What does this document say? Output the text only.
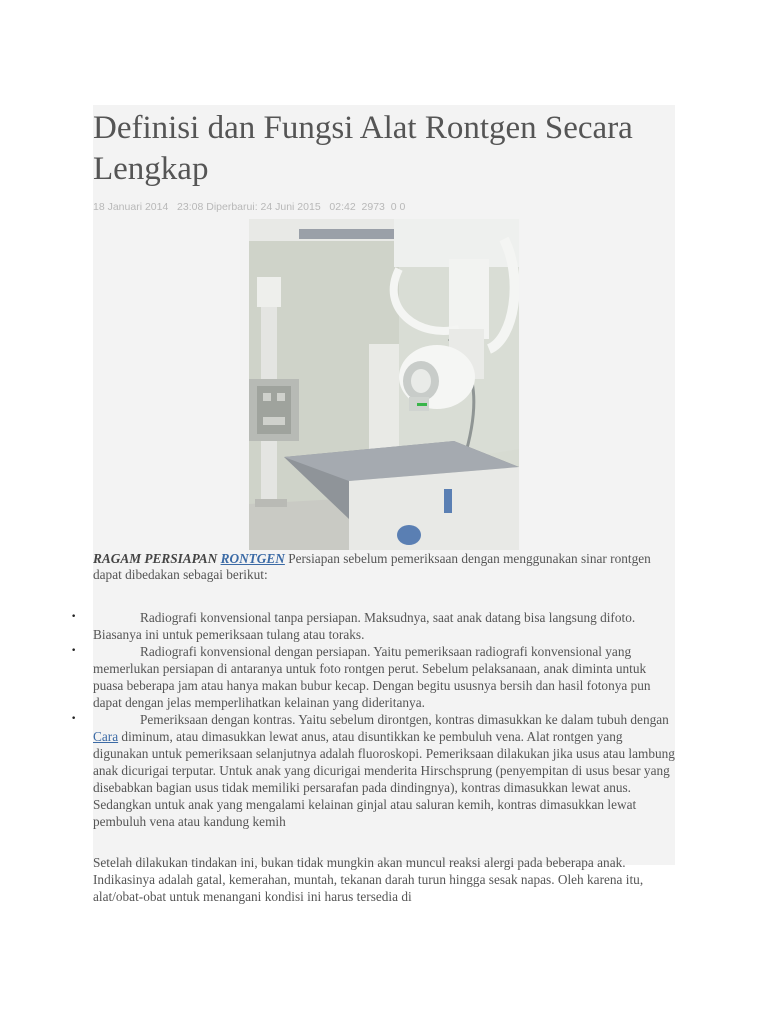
Definisi dan Fungsi Alat Rontgen Secara Lengkap
18 Januari 2014   23:08 Diperbarui: 24 Juni 2015   02:42  2973  0 0
RAGAM PERSIAPAN RONTGEN Persiapan sebelum pemeriksaan dengan menggunakan sinar rontgen dapat dibedakan sebagai berikut:
•	Radiografi konvensional tanpa persiapan. Maksudnya, saat anak datang bisa langsung difoto. Biasanya ini untuk pemeriksaan tulang atau toraks.
•	Radiografi konvensional dengan persiapan. Yaitu pemeriksaan radiografi konvensional yang memerlukan persiapan di antaranya untuk foto rontgen perut. Sebelum pelaksanaan, anak diminta untuk puasa beberapa jam atau hanya makan bubur kecap. Dengan begitu ususnya bersih dan hasil fotonya pun dapat dengan jelas memperlihatkan kelainan yang dideritanya.
•	Pemeriksaan dengan kontras. Yaitu sebelum dirontgen, kontras dimasukkan ke dalam tubuh dengan Cara diminum, atau dimasukkan lewat anus, atau disuntikkan ke pembuluh vena. Alat rontgen yang digunakan untuk pemeriksaan selanjutnya adalah fluoroskopi. Pemeriksaan dilakukan jika usus atau lambung anak dicurigai terputar. Untuk anak yang dicurigai menderita Hirschsprung (penyempitan di usus besar yang disebabkan bagian usus tidak memiliki persarafan pada dindingnya), kontras dimasukkan lewat anus. Sedangkan untuk anak yang mengalami kelainan ginjal atau saluran kemih, kontras dimasukkan lewat pembuluh vena atau kandung kemih
Setelah dilakukan tindakan ini, bukan tidak mungkin akan muncul reaksi alergi pada beberapa anak. Indikasinya adalah gatal, kemerahan, muntah, tekanan darah turun hingga sesak napas. Oleh karena itu, alat/obat-obat untuk menangani kondisi ini harus tersedia di
